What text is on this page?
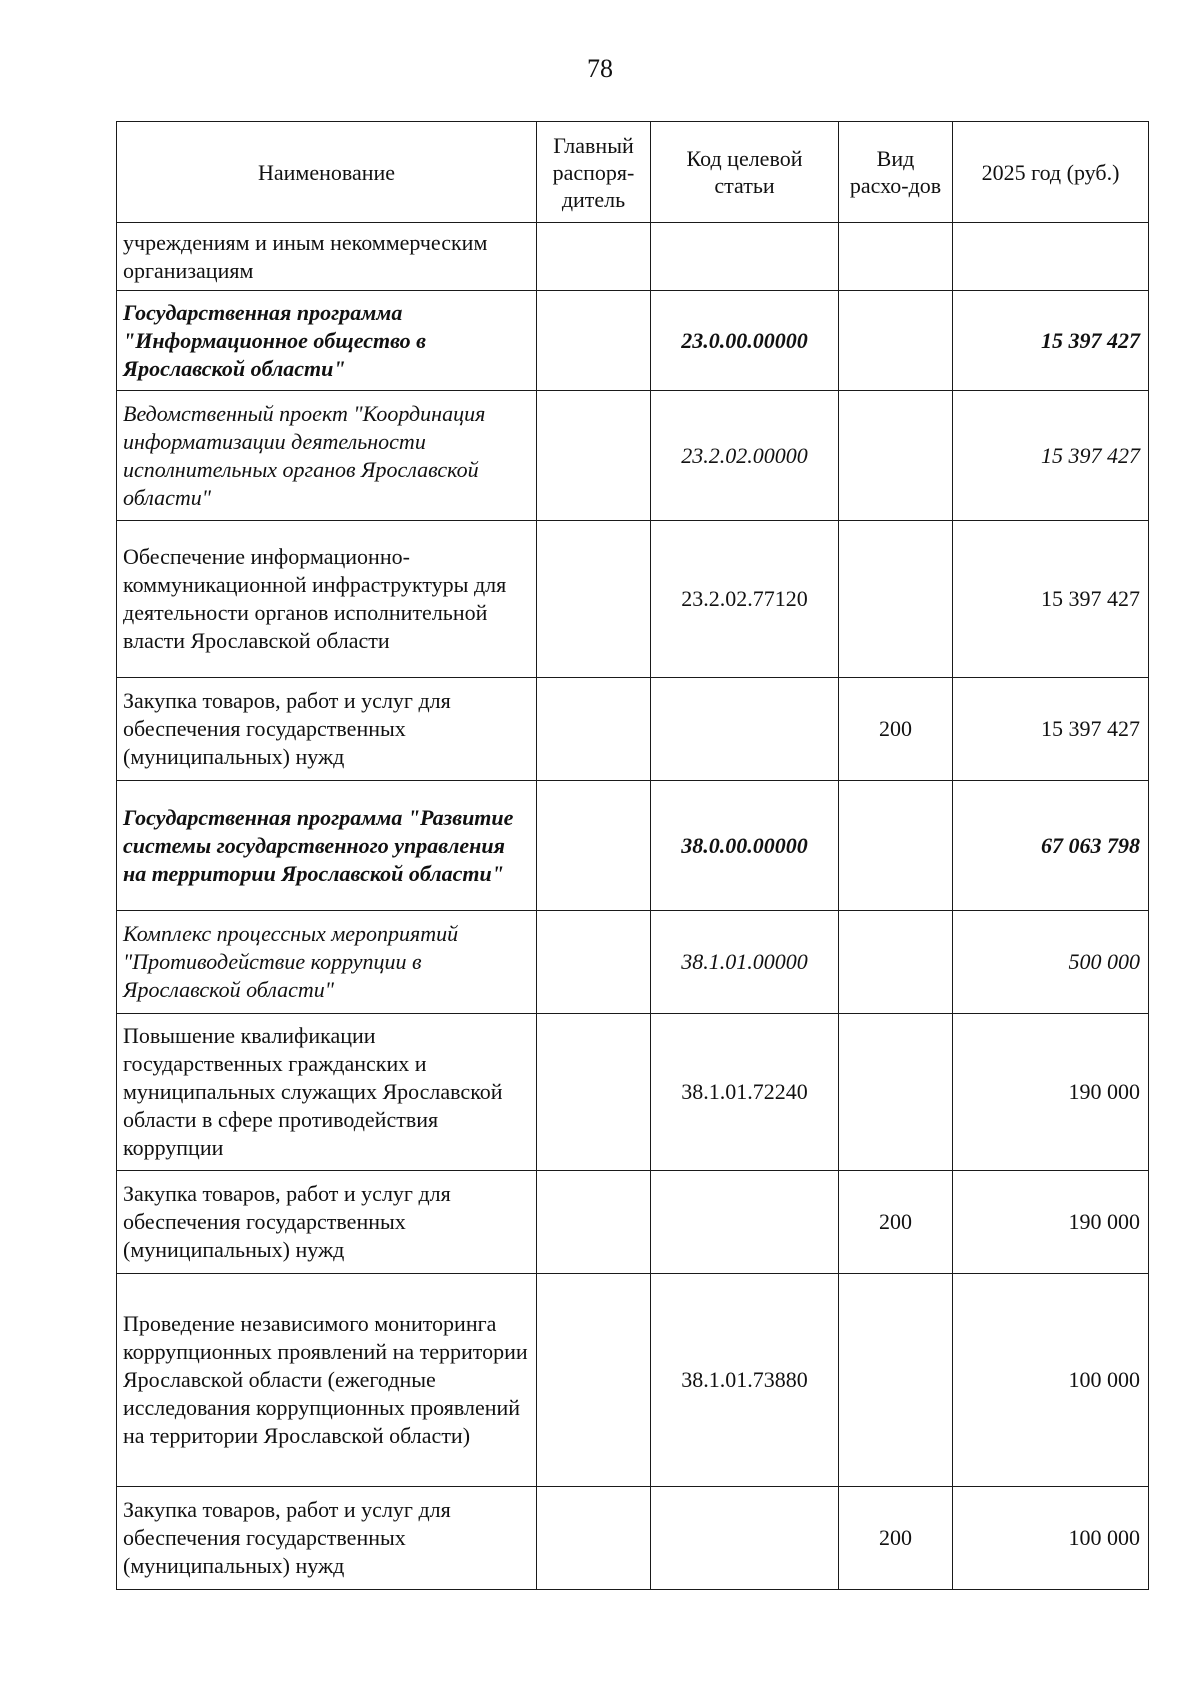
78
Наименование	Главный распоря-дитель	Код целевой статьи	Вид расхо-дов	2025 год (руб.)
учреждениям и иным некоммерческим организациям				
Государственная программа "Информационное общество в Ярославской области"		23.0.00.00000		15 397 427
Ведомственный проект "Координация информатизации деятельности исполнительных органов Ярославской области"		23.2.02.00000		15 397 427
Обеспечение информационно-коммуникационной инфраструктуры для деятельности органов исполнительной власти Ярославской области		23.2.02.77120		15 397 427
Закупка товаров, работ и услуг для обеспечения государственных (муниципальных) нужд			200	15 397 427
Государственная программа "Развитие системы государственного управления на территории Ярославской области"		38.0.00.00000		67 063 798
Комплекс процессных мероприятий "Противодействие коррупции в Ярославской области"		38.1.01.00000		500 000
Повышение квалификации государственных гражданских и муниципальных служащих Ярославской области в сфере противодействия коррупции		38.1.01.72240		190 000
Закупка товаров, работ и услуг для обеспечения государственных (муниципальных) нужд			200	190 000
Проведение независимого мониторинга коррупционных проявлений на территории Ярославской области (ежегодные исследования коррупционных проявлений на территории Ярославской области)		38.1.01.73880		100 000
Закупка товаров, работ и услуг для обеспечения государственных (муниципальных) нужд			200	100 000
